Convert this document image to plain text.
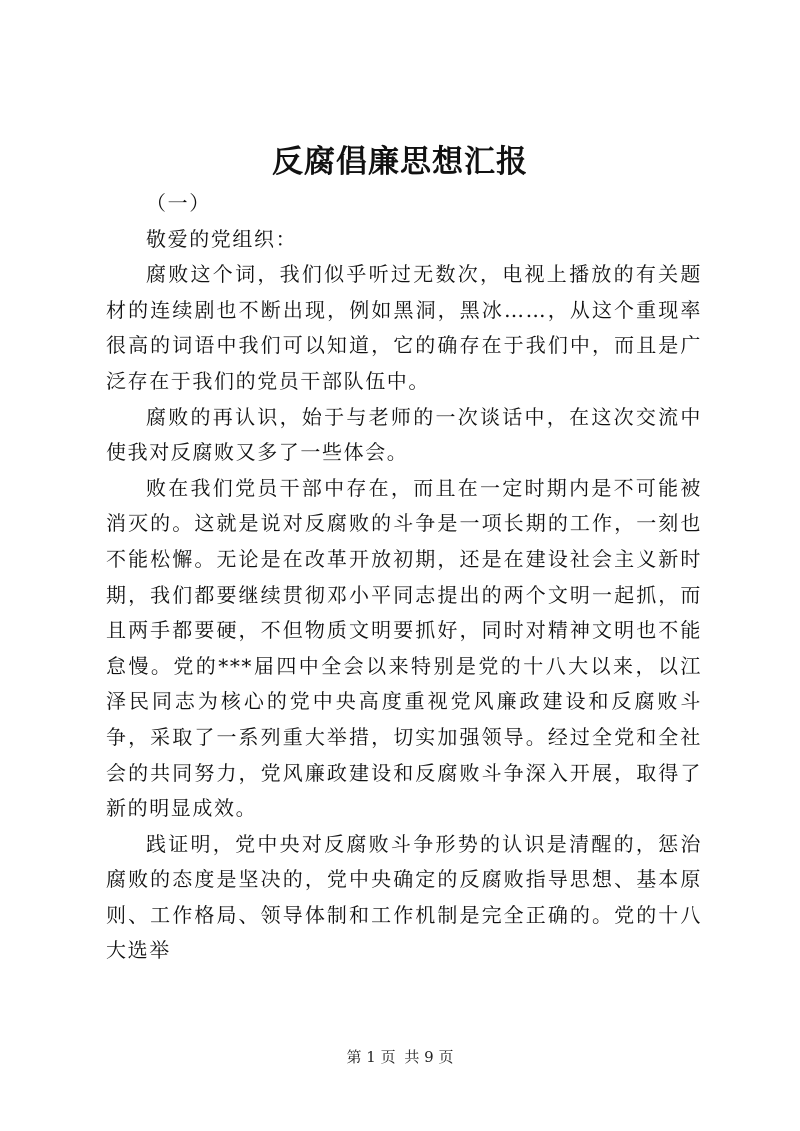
反腐倡廉思想汇报

（一）

敬爱的党组织：

腐败这个词，我们似乎听过无数次，电视上播放的有关题材的连续剧也不断出现，例如黑洞，黑冰……，从这个重现率很高的词语中我们可以知道，它的确存在于我们中，而且是广泛存在于我们的党员干部队伍中。

腐败的再认识，始于与老师的一次谈话中，在这次交流中使我对反腐败又多了一些体会。

败在我们党员干部中存在，而且在一定时期内是不可能被消灭的。这就是说对反腐败的斗争是一项长期的工作，一刻也不能松懈。无论是在改革开放初期，还是在建设社会主义新时期，我们都要继续贯彻邓小平同志提出的两个文明一起抓，而且两手都要硬，不但物质文明要抓好，同时对精神文明也不能怠慢。党的***届四中全会以来特别是党的十八大以来，以江泽民同志为核心的党中央高度重视党风廉政建设和反腐败斗争，采取了一系列重大举措，切实加强领导。经过全党和全社会的共同努力，党风廉政建设和反腐败斗争深入开展，取得了新的明显成效。

践证明，党中央对反腐败斗争形势的认识是清醒的，惩治腐败的态度是坚决的，党中央确定的反腐败指导思想、基本原则、工作格局、领导体制和工作机制是完全正确的。党的十八大选举

第 1 页 共 9 页
